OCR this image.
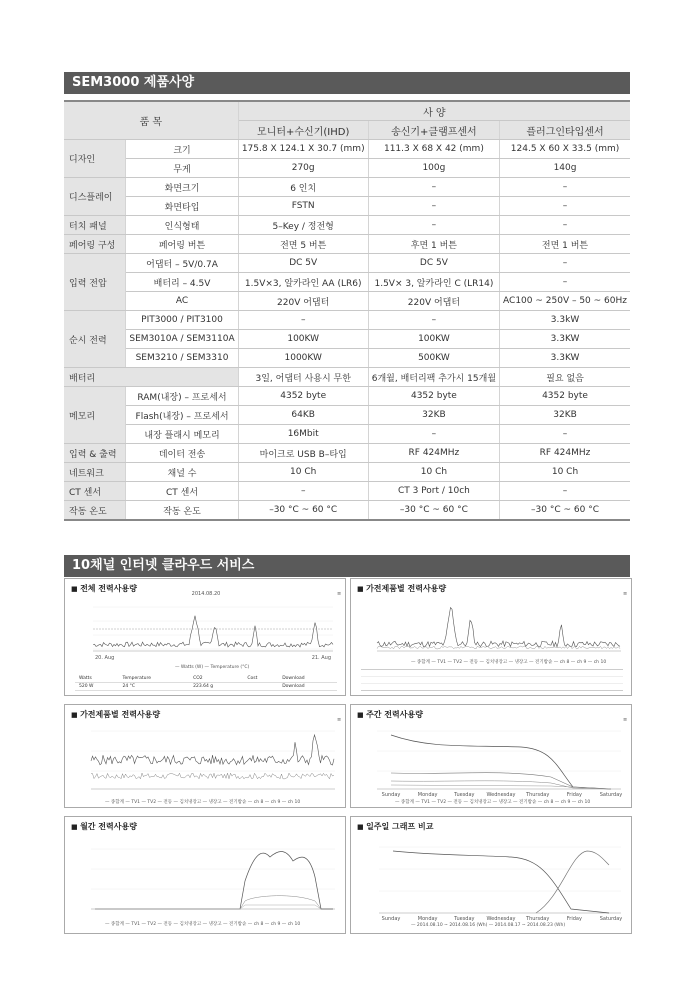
SEM3000 제품사양
품 목		사 양		
		모니터+수신기(IHD)	송신기+클램프센서	플러그인타입센서
디자인	크기	175.8 X 124.1 X 30.7 (mm)	111.3 X 68 X 42 (mm)	124.5 X 60 X 33.5 (mm)
	무게	270g	100g	140g
디스플레이	화면크기	6 인치	–	–
	화면타입	FSTN	–	–
터치 패널	인식형태	5–Key / 정전형	–	–
페어링 구성	페어링 버튼	전면 5 버튼	후면 1 버튼	전면 1 버튼
입력 전압	어댑터 – 5V/0.7A	DC 5V	DC 5V	–
	배터리 – 4.5V	1.5V×3, 알카라인 AA (LR6)	1.5V× 3, 알카라인 C (LR14)	–
	AC	220V 어댑터	220V 어댑터	AC100 ~ 250V – 50 ~ 60Hz
순시 전력	PIT3000 / PIT3100	–	–	3.3kW
	SEM3010A / SEM3110A	100KW	100KW	3.3KW
	SEM3210 / SEM3310	1000KW	500KW	3.3KW
배터리		3일, 어댑터 사용시 무한	6개월, 배터리팩 추가시 15개월	필요 없음
메모리	RAM(내장) – 프로세서	4352 byte	4352 byte	4352 byte
	Flash(내장) – 프로세서	64KB	32KB	32KB
	내장 플래시 메모리	16Mbit	–	–
입력 & 출력	데이터 전송	마이크로 USB B–타입	RF 424MHz	RF 424MHz
네트워크	채널 수	10 Ch	10 Ch	10 Ch
CT 센서	CT 센서	–	CT 3 Port / 10ch	–
작동 온도	작동 온도	–30 °C ~ 60 °C	–30 °C ~ 60 °C	–30 °C ~ 60 °C
10채널 인터넷 클라우드 서비스
■ 전체 전력사용량
2014.08.20
20. Aug	21. Aug
≡
— Watts (W) — Temperature (°C)
Watts	Temperature	CO2	Cost	Download
520 W	24 °C	223.64 g		Download
■ 가전제품별 전력사용량
≡
— 종합계 — TV1 — TV2 — 전등 — 김치냉장고 — 냉장고 — 전기밥솥 — ch 8 — ch 9 — ch 10
■ 가전제품별 전력사용량
≡
— 종합계 — TV1 — TV2 — 전등 — 김치냉장고 — 냉장고 — 전기밥솥 — ch 8 — ch 9 — ch 10
■ 주간 전력사용량
≡
Sunday	Monday	Tuesday Wednesday Thursday	Friday	Saturday
— 종합계 — TV1 — TV2 — 전등 — 김치냉장고 — 냉장고 — 전기밥솥 — ch 8 — ch 9 — ch 10
■ 월간 전력사용량
— 종합계 — TV1 — TV2 — 전등 — 김치냉장고 — 냉장고 — 전기밥솥 — ch 8 — ch 9 — ch 10
■ 일주일 그래프 비교
Sunday	Monday	Tuesday Wednesday Thursday	Friday	Saturday
— 2014.08.10 ~ 2014.08.16 (Wh) — 2014.08.17 ~ 2014.08.23 (Wh)
